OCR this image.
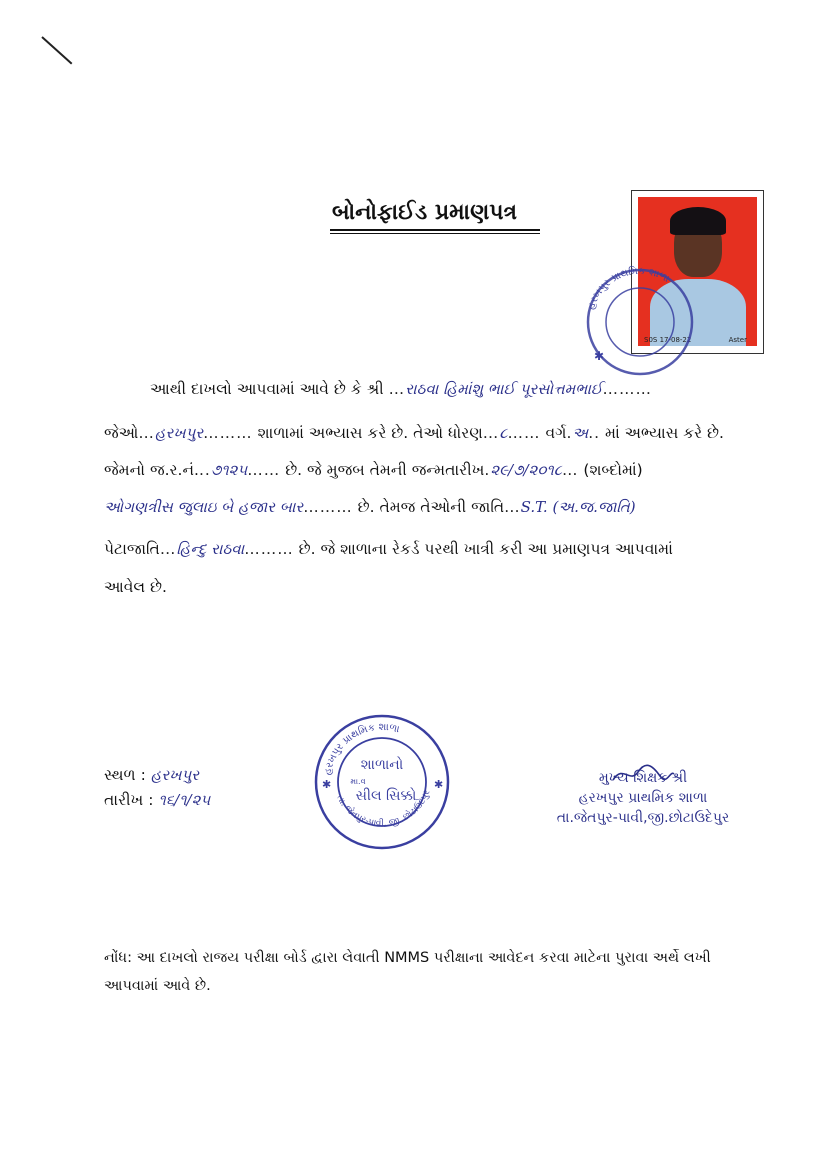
બોનોફાઈડ પ્રમાણપત્ર
S0S 17-08-22	Aster
હરખપુર પ્રાથમિક શાળા
✱
આથી દાખલો આપવામાં આવે છે કે શ્રી …રાઠવા હિમાંશુ ભાઈ પૂરસોત્તમભાઈ………
જેઓ…હરખપુર……… શાળામાં અભ્યાસ કરે છે. તેઓ ધોરણ…૮…… વર્ગ.અ.. માં અભ્યાસ કરે છે.
જેમનો જ.ર.નં...૭૧૨૫…… છે. જે મુજબ તેમની જન્મતારીખ.૨૯/૭/૨૦૧૮… (શબ્દોમાં)
ઓગણત્રીસ જુલાઇ બે હજાર બાર……… છે. તેમજ તેઓની જાતિ…S.T. (અ.જ.જાતિ)
પેટાજાતિ…હિન્દુ રાઠવા……… છે. જે શાળાના રેકર્ડ પરથી ખાત્રી કરી આ પ્રમાણપત્ર આપવામાં
આવેલ છે.
સ્થળ : હરખપુર
તારીખ : ૧૬/૧/૨૫
હરખપુર પ્રાથમિક શાળા
તા. જેતપુર-પાવી, જી. છોટાઉદેપુર
શાળાનો
મા.વ
સીલ સિક્કો
✱	✱	મુખ્ય શિક્ષક શ્રી
હરખપુર પ્રાથમિક શાળા
તા.જેતપુર-પાવી,જી.છોટાઉદેપુર
નોંધ: આ દાખલો રાજય પરીક્ષા બોર્ડ દ્વારા લેવાતી NMMS પરીક્ષાના આવેદન કરવા માટેના પુરાવા અર્થે લખી
આપવામાં આવે છે.
